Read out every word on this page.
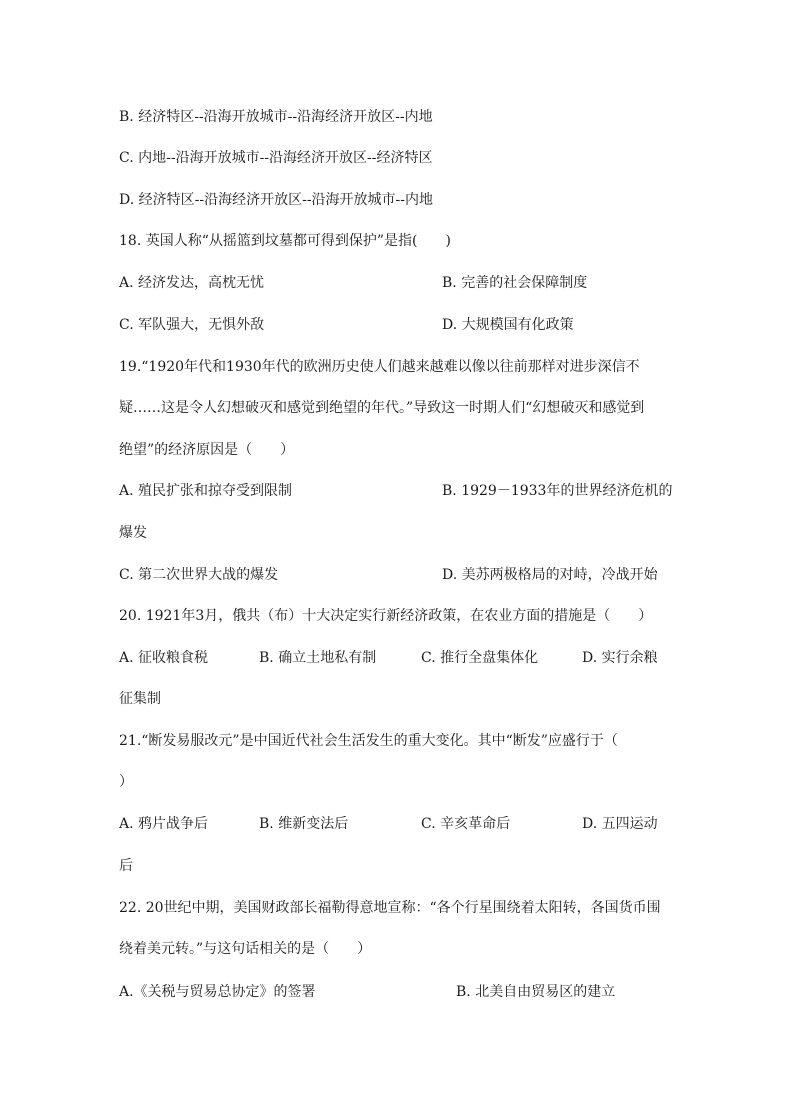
B. 经济特区--沿海开放城市--沿海经济开放区--内地
C. 内地--沿海开放城市--沿海经济开放区--经济特区
D. 经济特区--沿海经济开放区--沿海开放城市--内地
18. 英国人称“从摇篮到坟墓都可得到保护”是指(　　)
A. 经济发达，高枕无忧	B. 完善的社会保障制度
C. 军队强大，无惧外敌	D. 大规模国有化政策
19.“1920年代和1930年代的欧洲历史使人们越来越难以像以往前那样对进步深信不
疑……这是令人幻想破灭和感觉到绝望的年代。”导致这一时期人们“幻想破灭和感觉到
绝望”的经济原因是（　　）
A. 殖民扩张和掠夺受到限制	B. 1929－1933年的世界经济危机的
爆发
C. 第二次世界大战的爆发	D. 美苏两极格局的对峙，冷战开始
20. 1921年3月，俄共（布）十大决定实行新经济政策，在农业方面的措施是（　　）
A. 征收粮食税	B. 确立土地私有制	C. 推行全盘集体化	D. 实行余粮
征集制
21.“断发易服改元”是中国近代社会生活发生的重大变化。其中“断发”应盛行于（
）
A. 鸦片战争后	B. 维新变法后	C. 辛亥革命后	D. 五四运动
后
22. 20世纪中期，美国财政部长福勒得意地宣称：“各个行星围绕着太阳转，各国货币围
绕着美元转。”与这句话相关的是（　　）
A.《关税与贸易总协定》的签署	B. 北美自由贸易区的建立
